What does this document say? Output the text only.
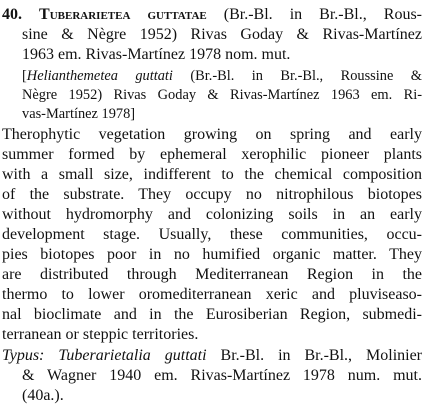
40. Tuberarietea guttatae (Br.-Bl. in Br.-Bl., Rous-
sine & Nègre 1952) Rivas Goday & Rivas-Martínez
1963 em. Rivas-Martínez 1978 nom. mut.
[Helianthemetea guttati (Br.-Bl. in Br.-Bl., Roussine &
Nègre 1952) Rivas Goday & Rivas-Martínez 1963 em. Ri-
vas-Martínez 1978]
Therophytic vegetation growing on spring and early
summer formed by ephemeral xerophilic pioneer plants
with a small size, indifferent to the chemical composition
of the substrate. They occupy no nitrophilous biotopes
without hydromorphy and colonizing soils in an early
development stage. Usually, these communities, occu-
pies biotopes poor in no humified organic matter. They
are distributed through Mediterranean Region in the
thermo to lower oromediterranean xeric and pluviseaso-
nal bioclimate and in the Eurosiberian Region, submedi-
terranean or steppic territories.
Typus: Tuberarietalia guttati Br.-Bl. in Br.-Bl., Molinier
& Wagner 1940 em. Rivas-Martínez 1978 num. mut.
(40a.).
